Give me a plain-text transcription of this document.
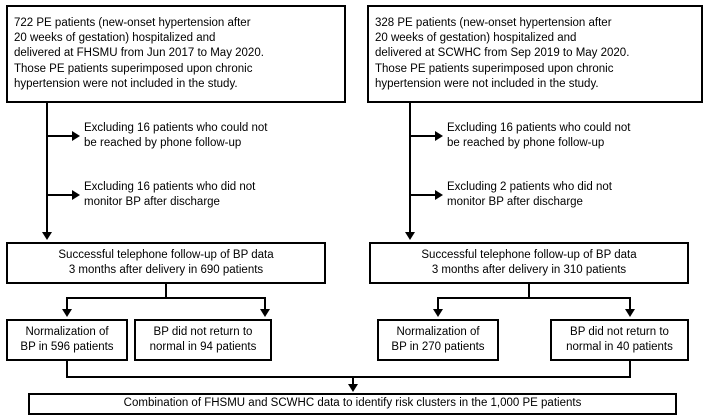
722 PE patients (new-onset hypertension after
20 weeks of gestation) hospitalized and
delivered at FHSMU from Jun 2017 to May 2020.
Those PE patients superimposed upon chronic
hypertension were not included in the study.
Excluding 16 patients who could not
be reached by phone follow-up
Excluding 16 patients who did not
monitor BP after discharge
Successful telephone follow-up of BP data
3 months after delivery in 690 patients
Normalization of
BP in 596 patients
BP did not return to
normal in 94 patients
328 PE patients (new-onset hypertension after
20 weeks of gestation) hospitalized and
delivered at SCWHC from Sep 2019 to May 2020.
Those PE patients superimposed upon chronic
hypertension were not included in the study.
Excluding 16 patients who could not
be reached by phone follow-up
Excluding 2 patients who did not
monitor BP after discharge
Successful telephone follow-up of BP data
3 months after delivery in 310 patients
Normalization of
BP in 270 patients
BP did not return to
normal in 40 patients
Combination of FHSMU and SCWHC data to identify risk clusters in the 1,000 PE patients
